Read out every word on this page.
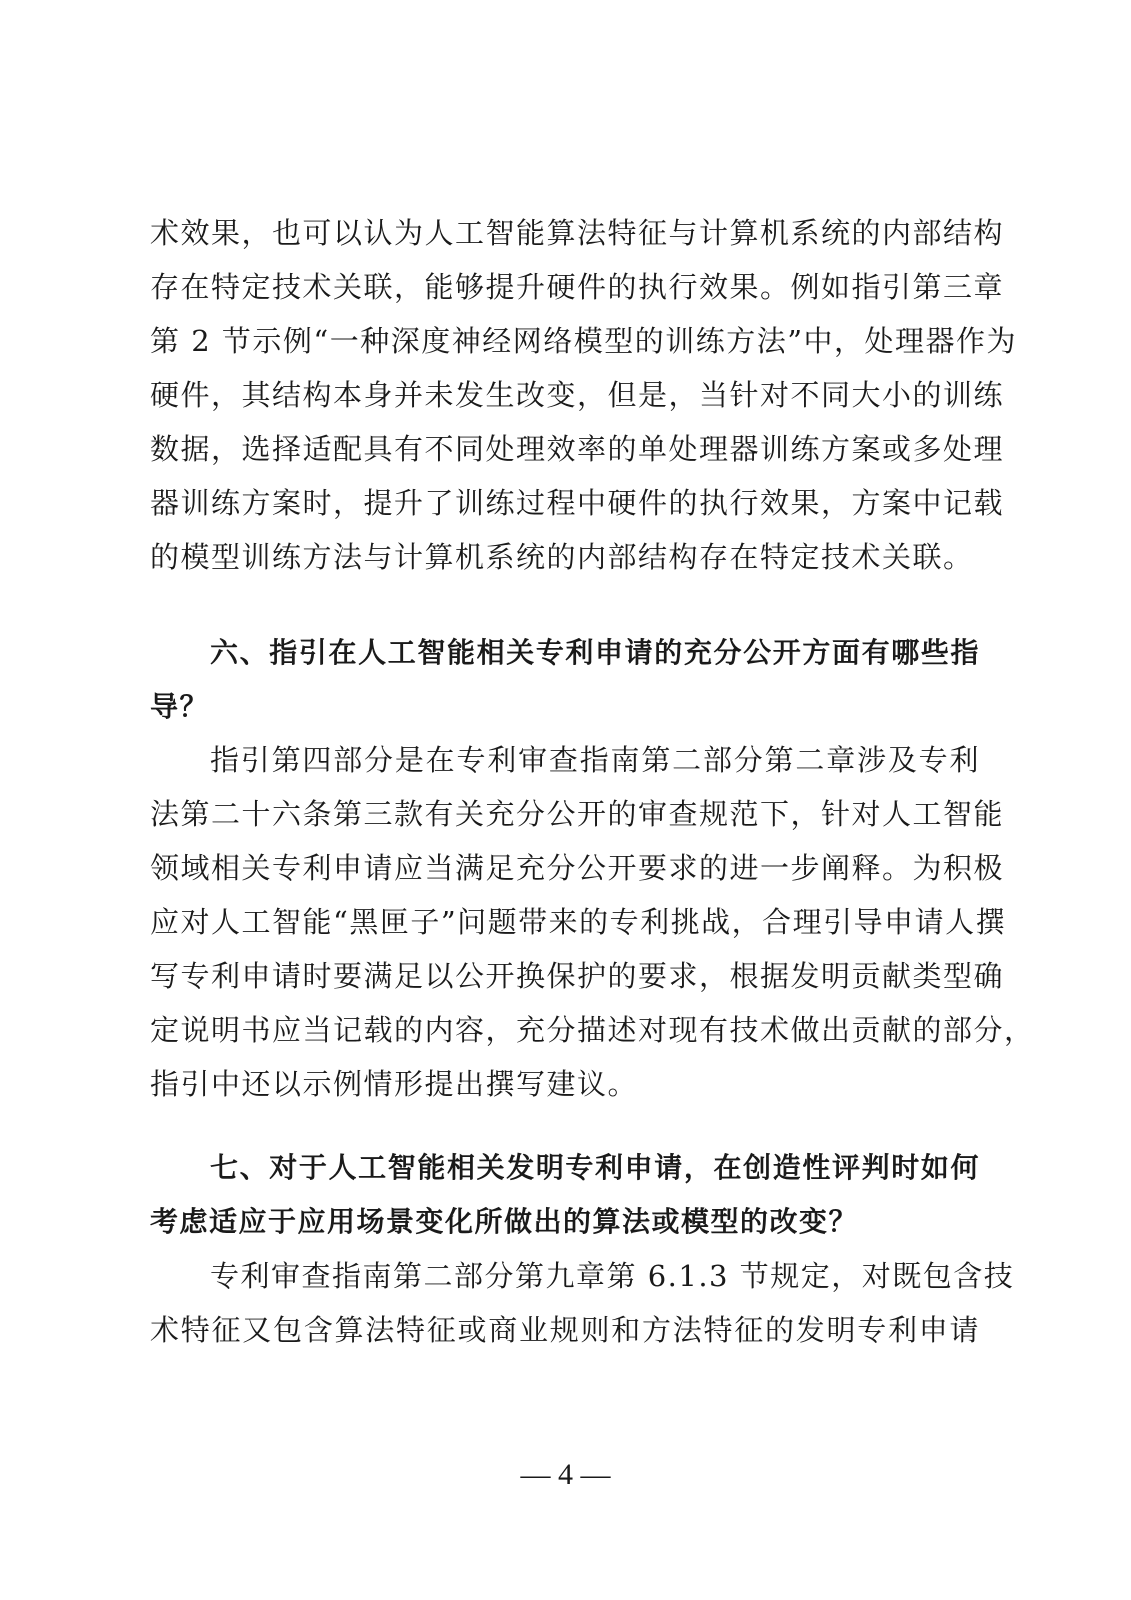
术效果，也可以认为人工智能算法特征与计算机系统的内部结构
存在特定技术关联，能够提升硬件的执行效果。例如指引第三章
第 2 节示例“一种深度神经网络模型的训练方法”中，处理器作为
硬件，其结构本身并未发生改变，但是，当针对不同大小的训练
数据，选择适配具有不同处理效率的单处理器训练方案或多处理
器训练方案时，提升了训练过程中硬件的执行效果，方案中记载
的模型训练方法与计算机系统的内部结构存在特定技术关联。
六、指引在人工智能相关专利申请的充分公开方面有哪些指
导？
指引第四部分是在专利审查指南第二部分第二章涉及专利
法第二十六条第三款有关充分公开的审查规范下，针对人工智能
领域相关专利申请应当满足充分公开要求的进一步阐释。为积极
应对人工智能“黑匣子”问题带来的专利挑战，合理引导申请人撰
写专利申请时要满足以公开换保护的要求，根据发明贡献类型确
定说明书应当记载的内容，充分描述对现有技术做出贡献的部分，
指引中还以示例情形提出撰写建议。
七、对于人工智能相关发明专利申请，在创造性评判时如何
考虑适应于应用场景变化所做出的算法或模型的改变？
专利审查指南第二部分第九章第 6.1.3 节规定，对既包含技
术特征又包含算法特征或商业规则和方法特征的发明专利申请
— 4 —
